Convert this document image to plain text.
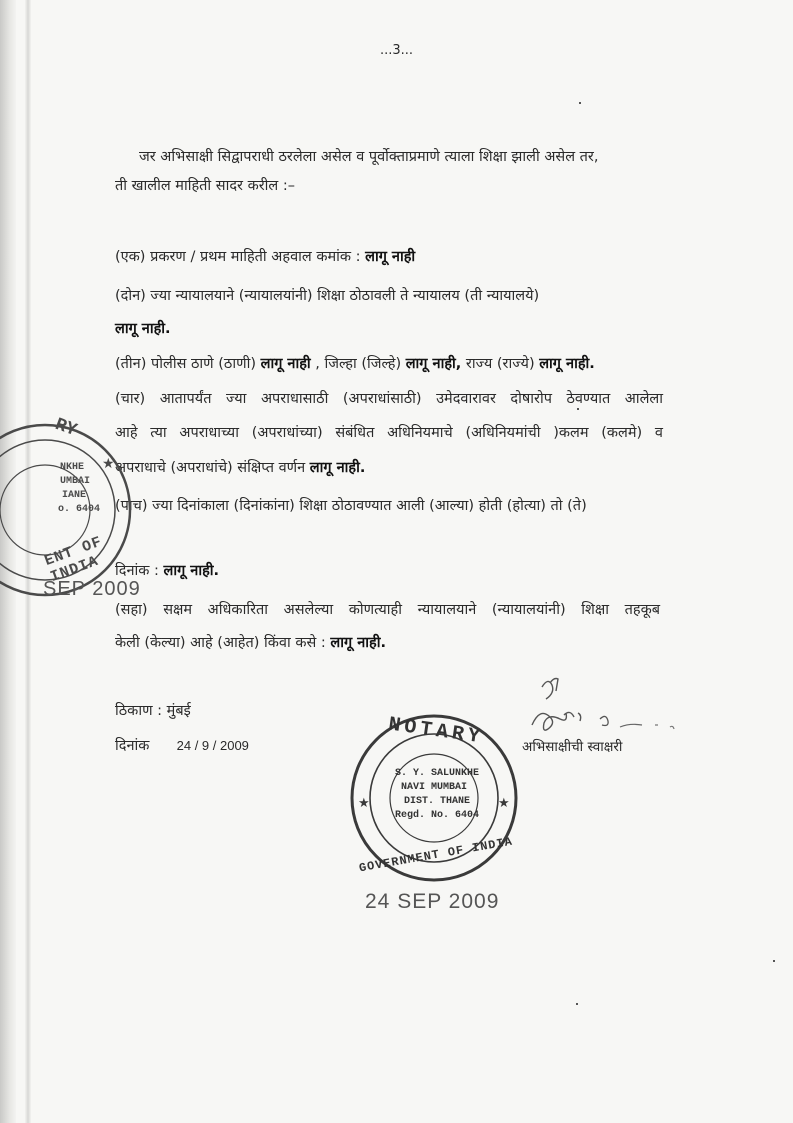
...3...
जर अभिसाक्षी सिद्वापराधी ठरलेला असेल व पूर्वोक्ताप्रमाणे त्याला शिक्षा झाली असेल तर,
ती खालील माहिती सादर करील :–
(एक) प्रकरण / प्रथम माहिती अहवाल कमांक : लागू नाही
(दोन) ज्या न्यायालयाने (न्यायालयांनी) शिक्षा ठोठावली ते न्यायालय (ती न्यायालये)
लागू नाही.
(तीन) पोलीस ठाणे (ठाणी) लागू नाही , जिल्हा (जिल्हे) लागू नाही, राज्य (राज्ये) लागू नाही.
(चार) आतापर्यंत ज्या अपराधासाठी (अपराधांसाठी) उमेदवारावर दोषारोप ठेवण्यात आलेला
आहे त्या अपराधाच्या (अपराधांच्या) संबंधित अधिनियमाचे (अधिनियमांची )कलम (कलमे) व
अपराधाचे (अपराधांचे) संक्षिप्त वर्णन लागू नाही.
(पाच) ज्या दिनांकाला (दिनांकांना) शिक्षा ठोठावण्यात आली (आल्या) होती (होत्या) तो (ते)
दिनांक : लागू नाही.
(सहा) सक्षम अधिकारिता असलेल्या कोणत्याही न्यायालयाने (न्यायालयांनी) शिक्षा तहकूब
केली (केल्या) आहे (आहेत) किंवा कसे : लागू नाही.
ठिकाण : मुंबई
दिनांक 24 / 9 / 2009	अभिसाक्षीची स्वाक्षरी
★
RY
NKHE
UMBAI
IANE
o. 6404
ENT OF INDIA
SEP 2009
★	★
NOTARY
S. Y. SALUNKHE
NAVI MUMBAI
DIST. THANE
Regd. No. 6404
GOVERNMENT OF INDIA
24 SEP 2009
